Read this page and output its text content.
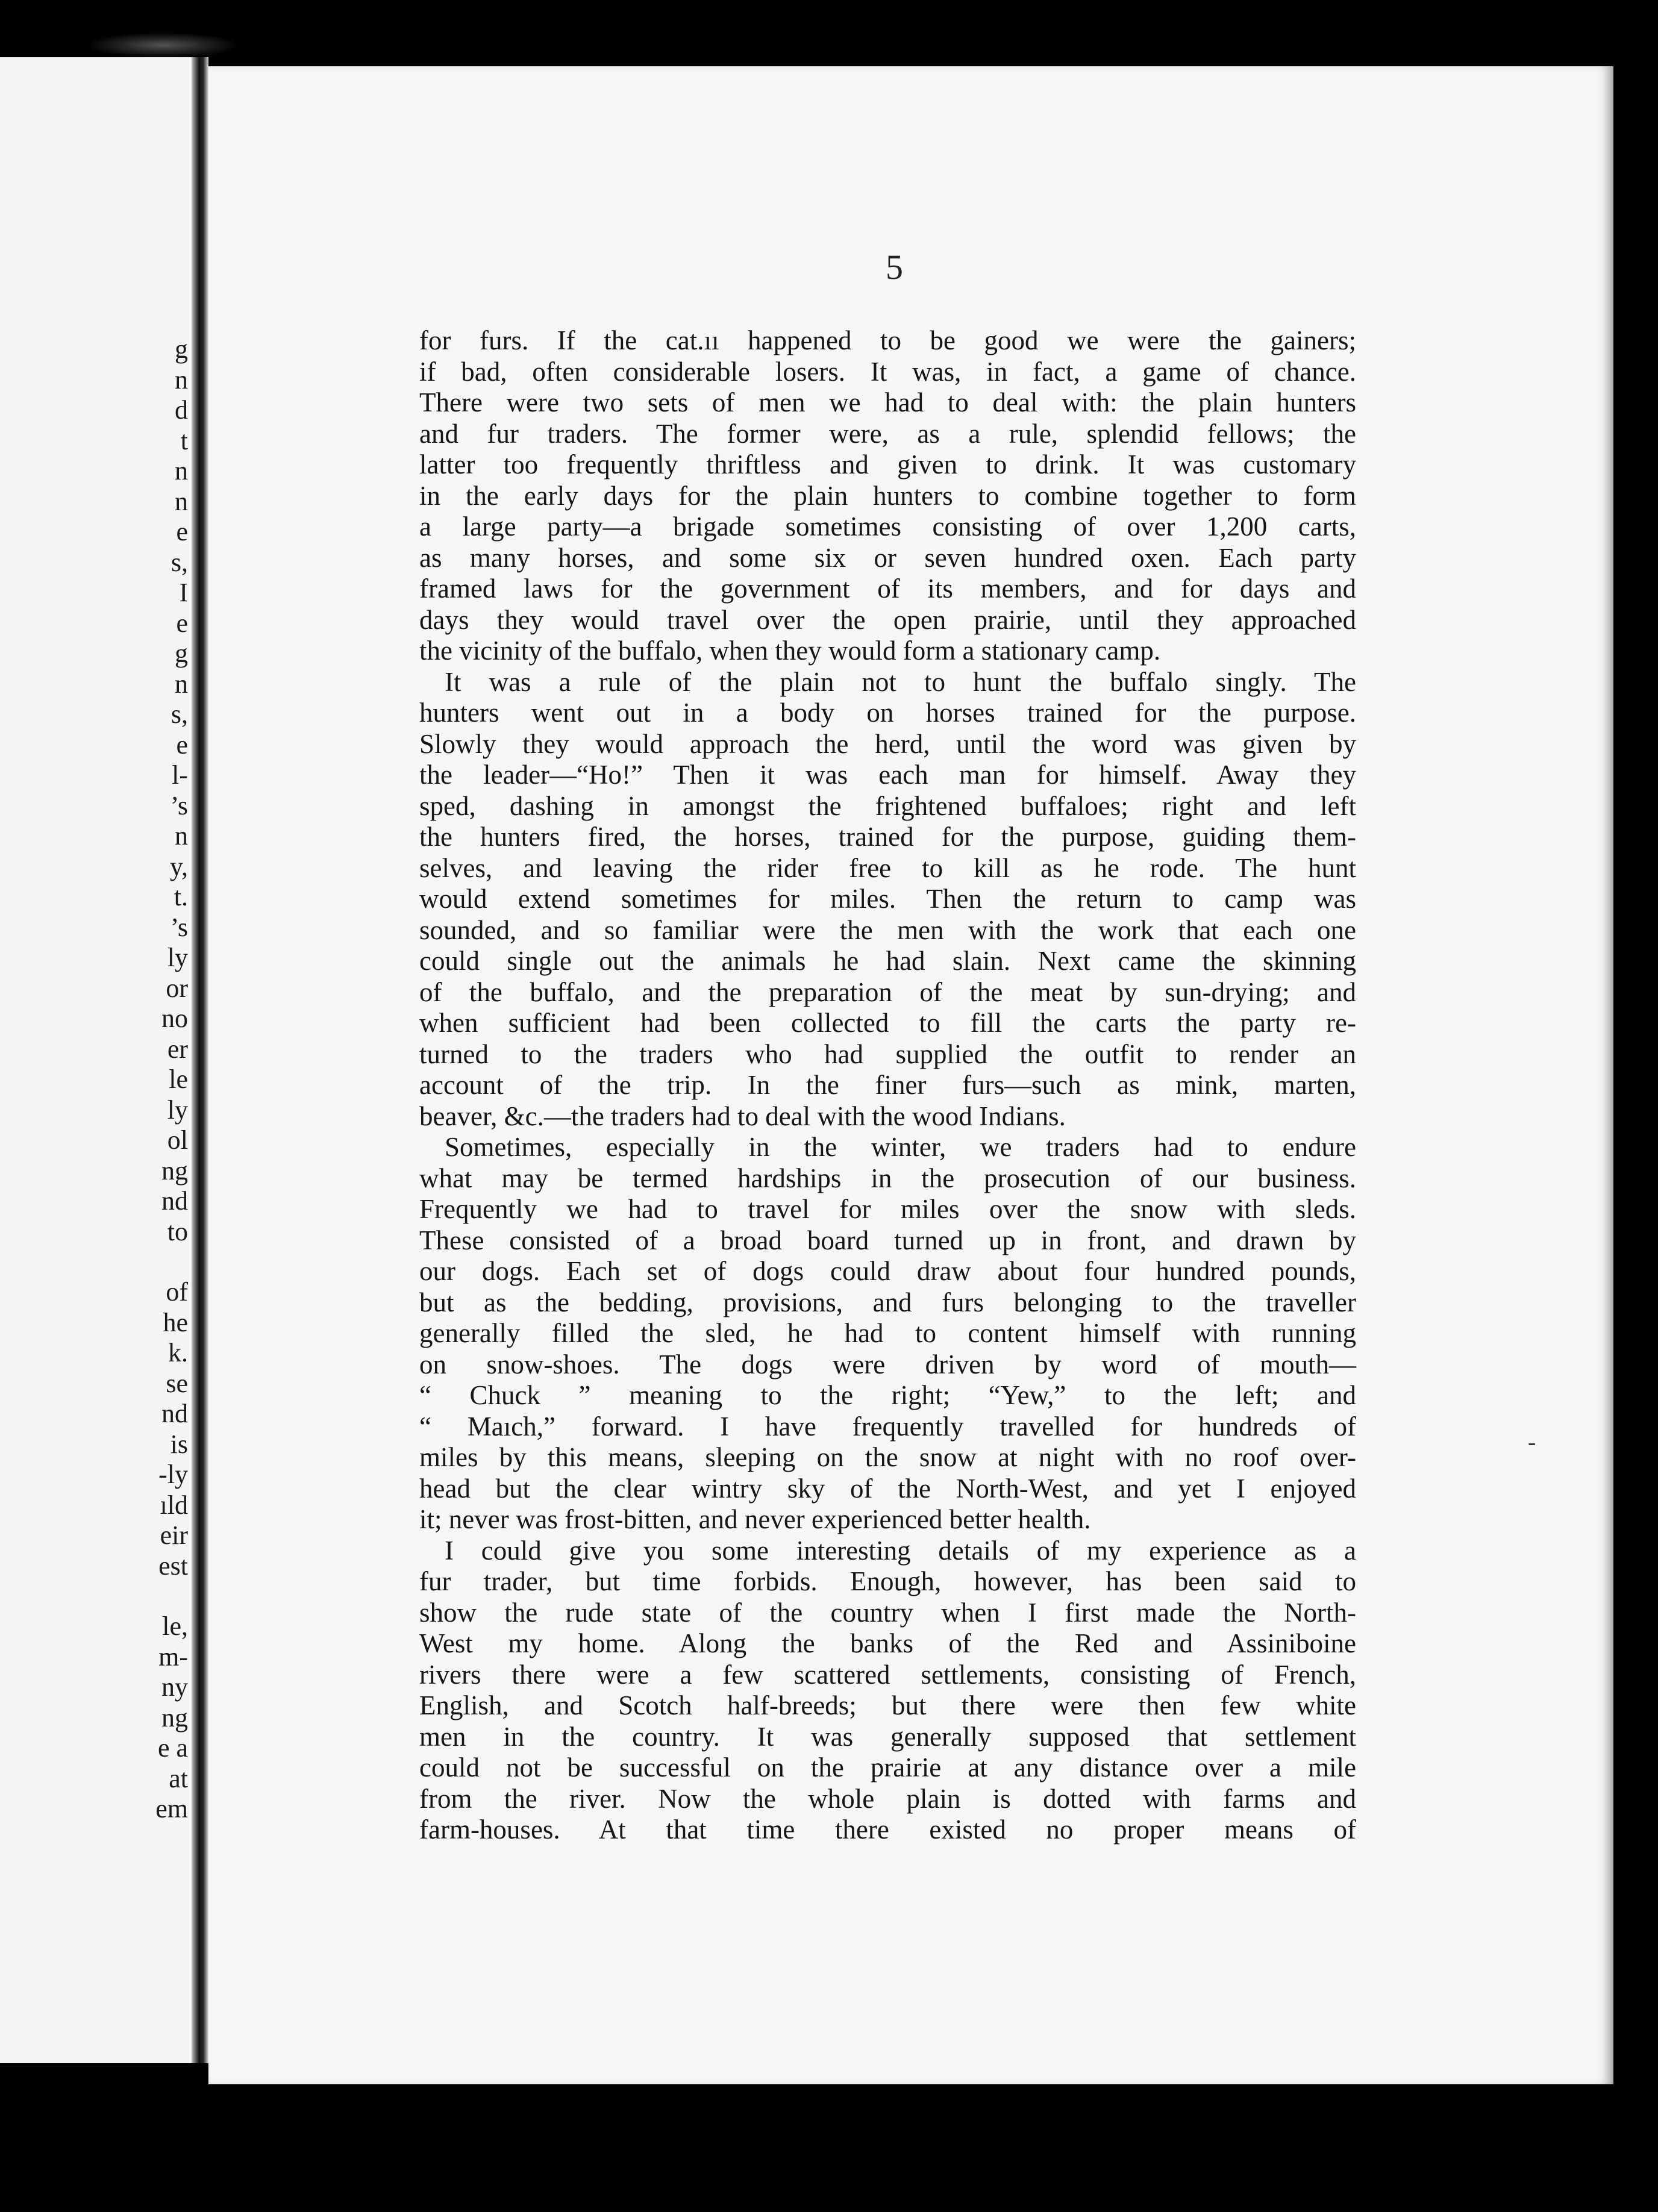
g
n
d
t
n
n
e
s,
I
e
g
n
s,
e
l-
’s
n
y,
t.
’s
ly
or
no
er
le
ly
ol
ng
nd
to
of
he
k.
se
nd
is
-ly
ıld
eir
est
le,
m-
ny
ng
e a
at
em
5
for furs. If the cat.ıı happened to be good we were the gainers;
if bad, often considerable losers. It was, in fact, a game of chance.
There were two sets of men we had to deal with: the plain hunters
and fur traders. The former were, as a rule, splendid fellows; the
latter too frequently thriftless and given to drink. It was customary
in the early days for the plain hunters to combine together to form
a large party—a brigade sometimes consisting of over 1,200 carts,
as many horses, and some six or seven hundred oxen. Each party
framed laws for the government of its members, and for days and
days they would travel over the open prairie, until they approached
the vicinity of the buffalo, when they would form a stationary camp.
It was a rule of the plain not to hunt the buffalo singly. The
hunters went out in a body on horses trained for the purpose.
Slowly they would approach the herd, until the word was given by
the leader—“Ho!” Then it was each man for himself. Away they
sped, dashing in amongst the frightened buffaloes; right and left
the hunters fired, the horses, trained for the purpose, guiding them-
selves, and leaving the rider free to kill as he rode. The hunt
would extend sometimes for miles. Then the return to camp was
sounded, and so familiar were the men with the work that each one
could single out the animals he had slain. Next came the skinning
of the buffalo, and the preparation of the meat by sun-drying; and
when sufficient had been collected to fill the carts the party re-
turned to the traders who had supplied the outfit to render an
account of the trip. In the finer furs—such as mink, marten,
beaver, &c.—the traders had to deal with the wood Indians.
Sometimes, especially in the winter, we traders had to endure
what may be termed hardships in the prosecution of our business.
Frequently we had to travel for miles over the snow with sleds.
These consisted of a broad board turned up in front, and drawn by
our dogs. Each set of dogs could draw about four hundred pounds,
but as the bedding, provisions, and furs belonging to the traveller
generally filled the sled, he had to content himself with running
on snow-shoes. The dogs were driven by word of mouth—
“ Chuck ” meaning to the right; “Yew,” to the left; and
“ Maıch,” forward. I have frequently travelled for hundreds of
miles by this means, sleeping on the snow at night with no roof over-
head but the clear wintry sky of the North-West, and yet I enjoyed
it; never was frost-bitten, and never experienced better health.
I could give you some interesting details of my experience as a
fur trader, but time forbids. Enough, however, has been said to
show the rude state of the country when I first made the North-
West my home. Along the banks of the Red and Assiniboine
rivers there were a few scattered settlements, consisting of French,
English, and Scotch half-breeds; but there were then few white
men in the country. It was generally supposed that settlement
could not be successful on the prairie at any distance over a mile
from the river. Now the whole plain is dotted with farms and
farm-houses. At that time there existed no proper means of
-
